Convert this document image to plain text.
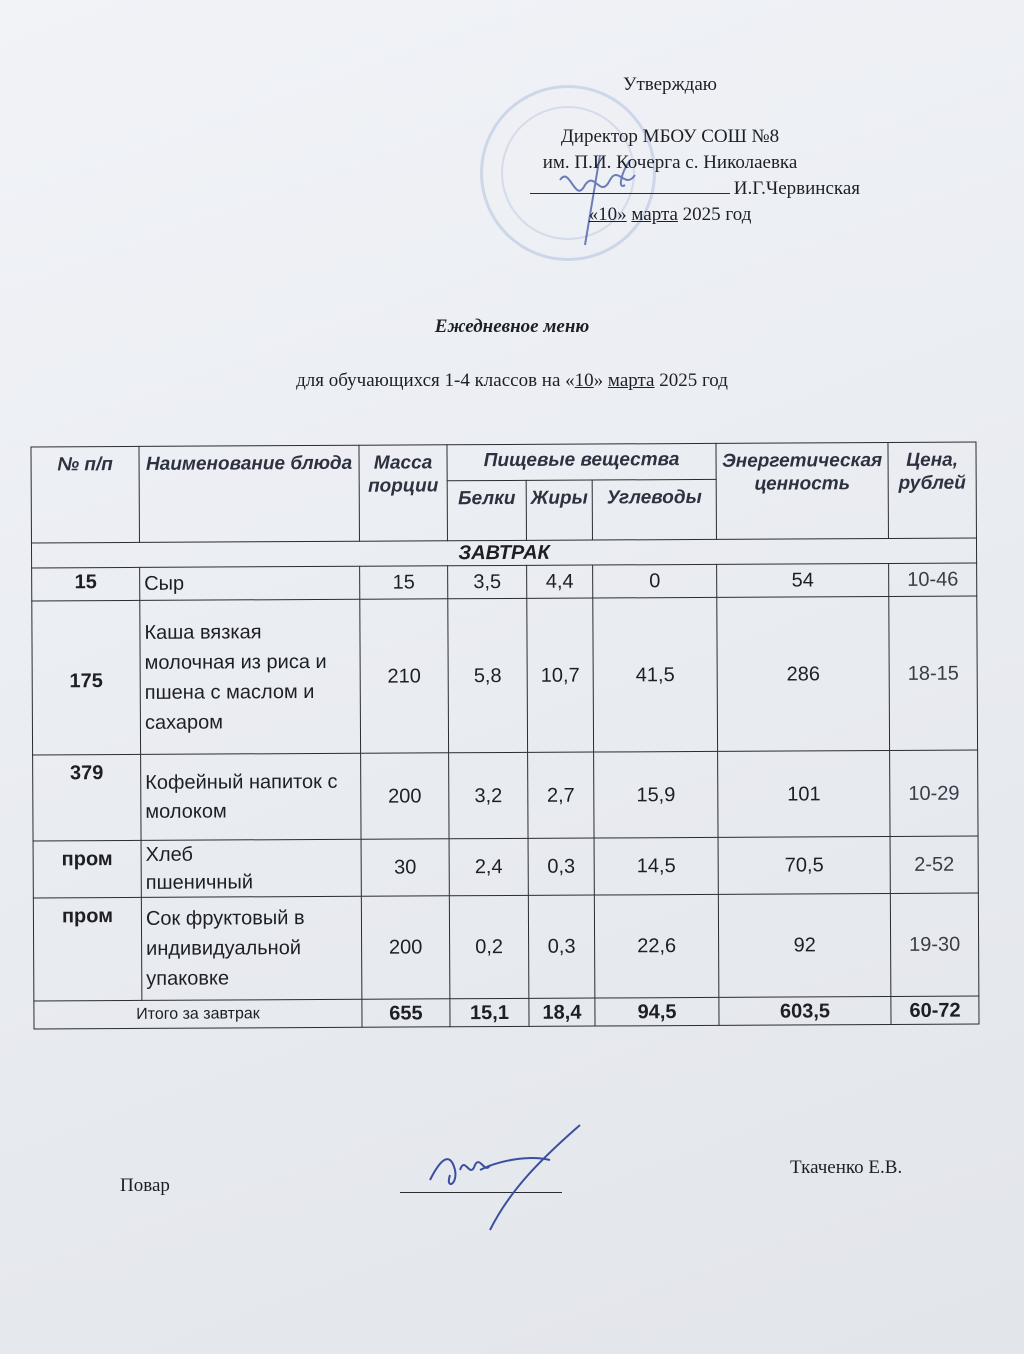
Утверждаю
Директор МБОУ СОШ №8
им. П.И. Кочерга с. Николаевка
И.Г.Червинская
«10» марта 2025 год
Ежедневное меню
для обучающихся 1-4 классов на «10» марта 2025 год
№ п/п	Наименование блюда	Масса порции	Пищевые вещества			Энергетическая ценность	Цена, рублей
			Белки	Жиры	Углеводы		
ЗАВТРАК							
15	Сыр	15	3,5	4,4	0	54	10-46
175	Каша вязкая молочная из риса и пшена с маслом и сахаром	210	5,8	10,7	41,5	286	18-15
379	Кофейный напиток с молоком	200	3,2	2,7	15,9	101	10-29
пром	Хлеб пшеничный	30	2,4	0,3	14,5	70,5	2-52
пром	Сок фруктовый в индивидуальной упаковке	200	0,2	0,3	22,6	92	19-30
Итого за завтрак		655	15,1	18,4	94,5	603,5	60-72
Повар
Ткаченко Е.В.
